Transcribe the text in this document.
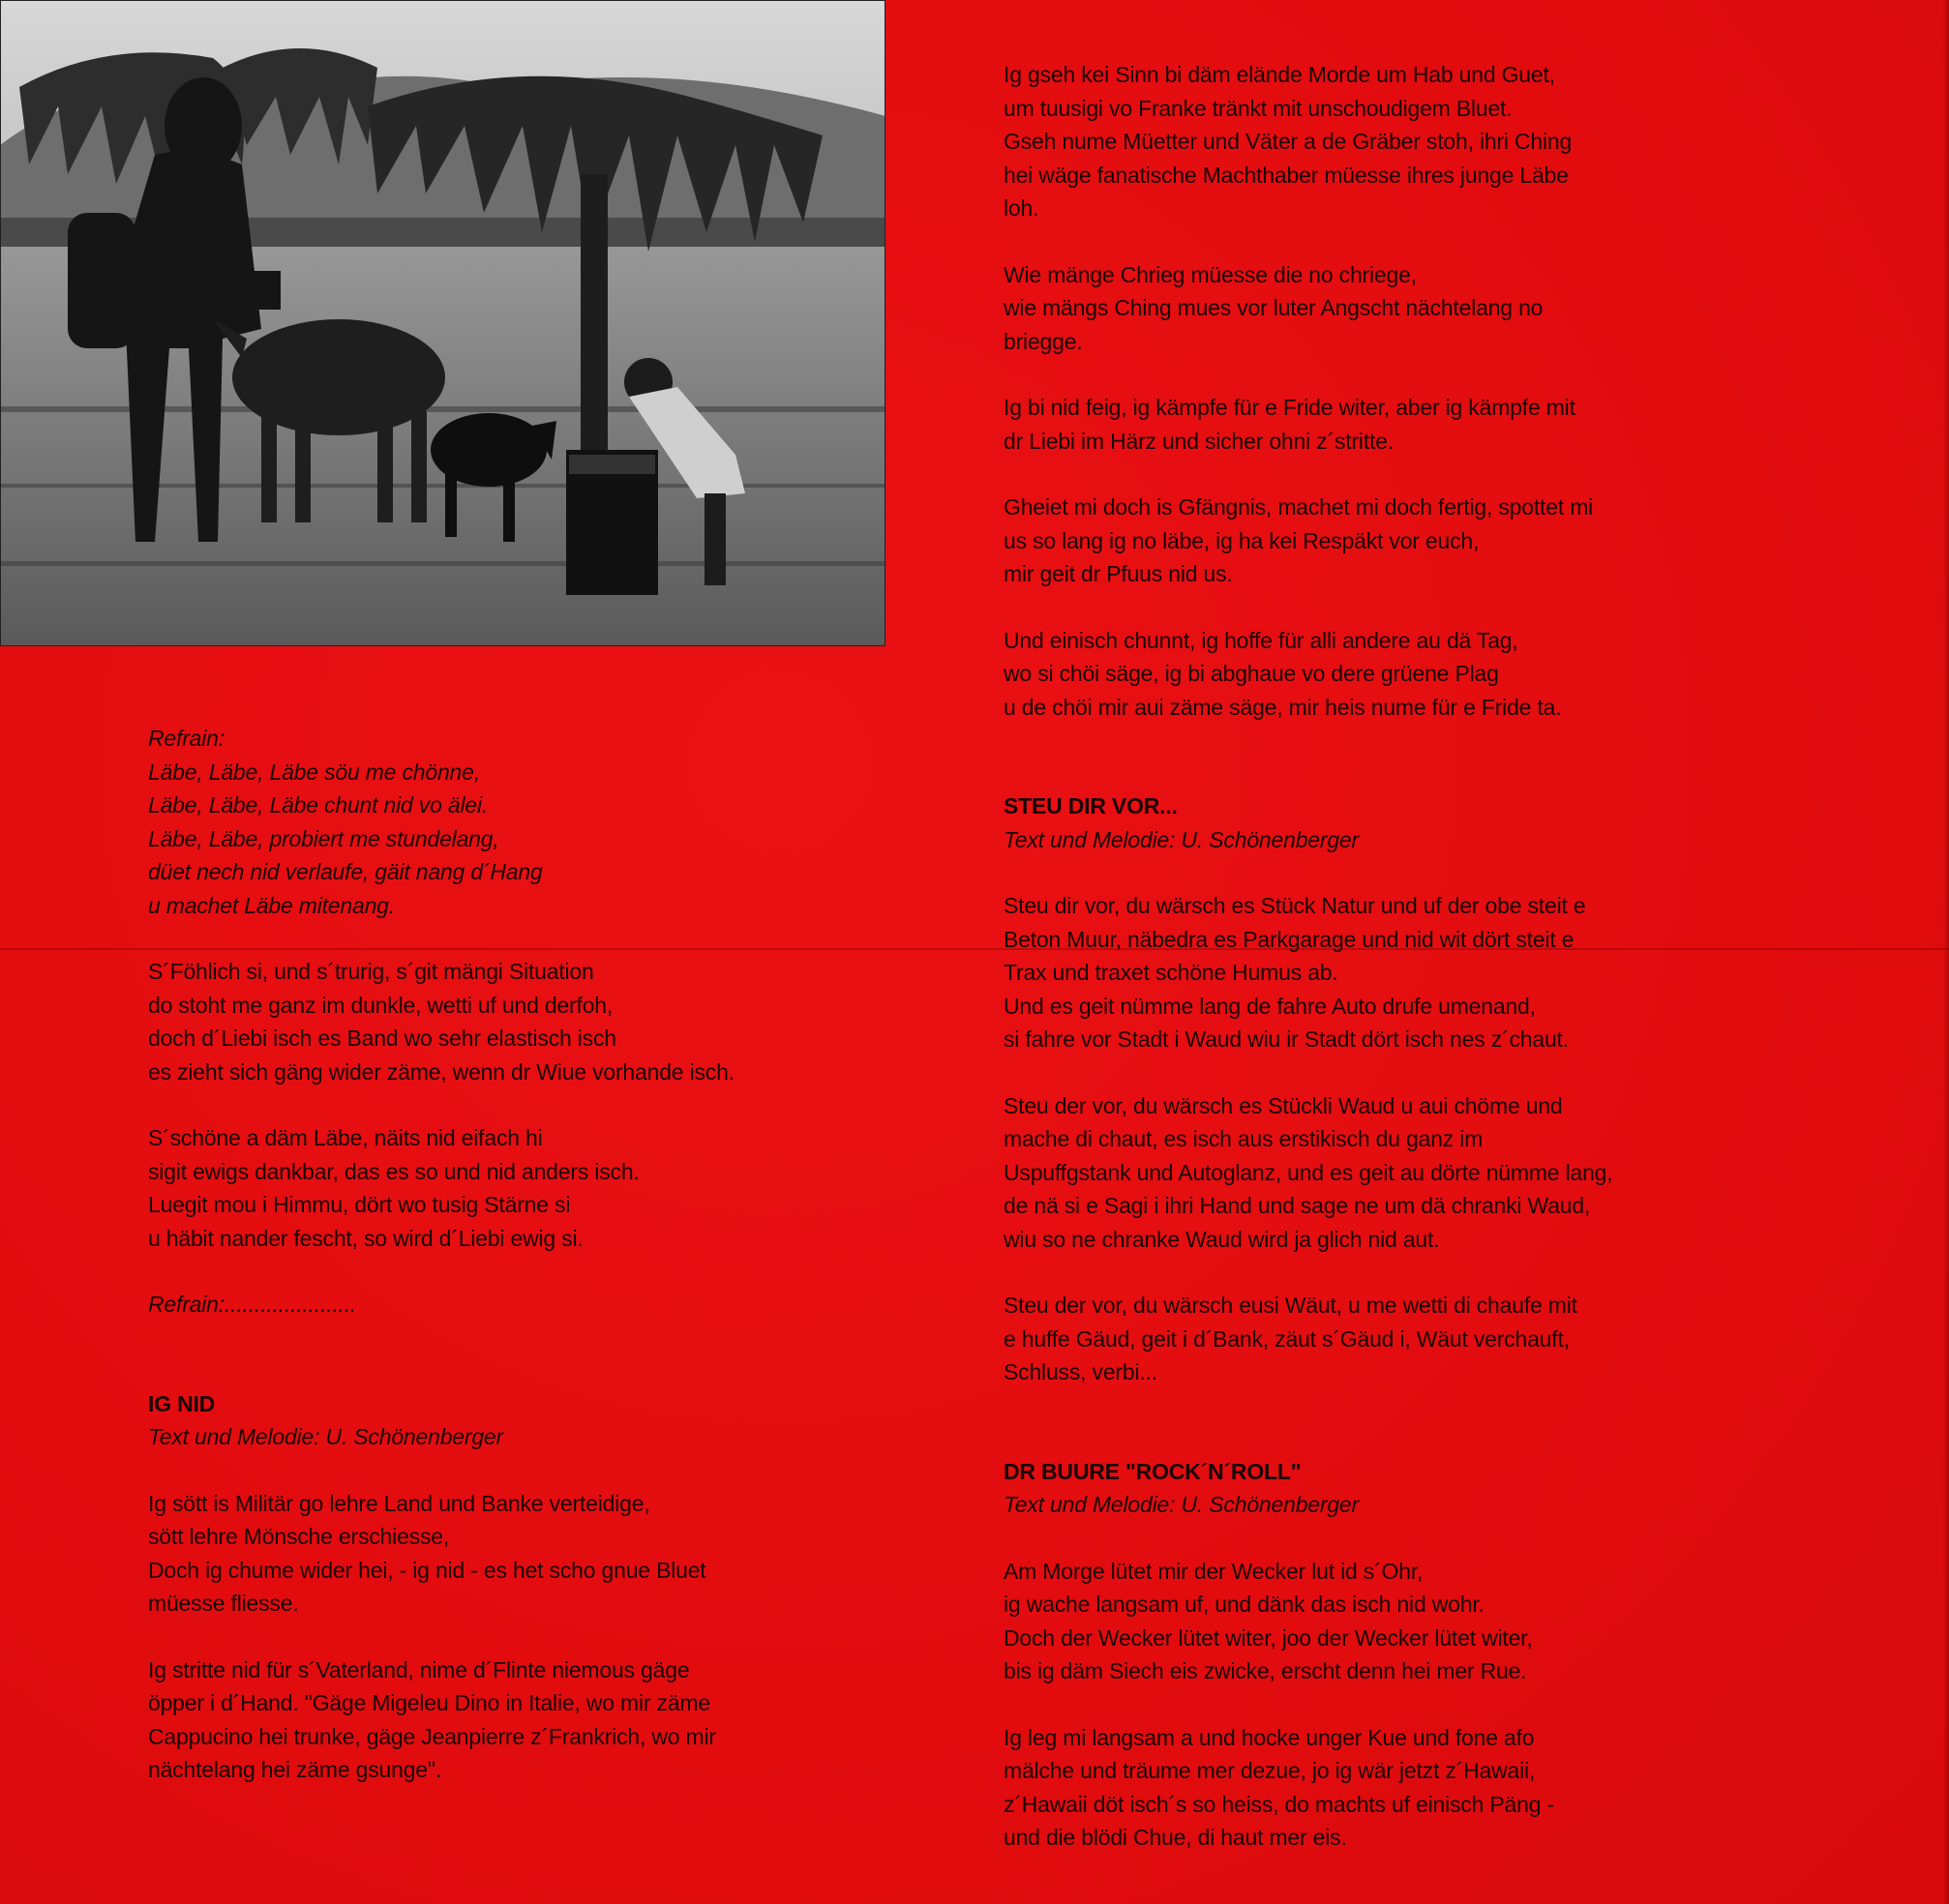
Refrain:
Läbe, Läbe, Läbe söu me chönne,
Läbe, Läbe, Läbe chunt nid vo älei.
Läbe, Läbe, probiert me stundelang,
düet nech nid verlaufe, gäit nang d´Hang
u machet Läbe mitenang.
S´Föhlich si, und s´trurig, s´git mängi Situation
do stoht me ganz im dunkle, wetti uf und derfoh,
doch d´Liebi isch es Band wo sehr elastisch isch
es zieht sich gäng wider zäme, wenn dr Wiue vorhande isch.
S´schöne a däm Läbe, näits nid eifach hi
sigit ewigs dankbar, das es so und nid anders isch.
Luegit mou i Himmu, dört wo tusig Stärne si
u häbit nander fescht, so wird d´Liebi ewig si.
Refrain:......................
IG NID
Text und Melodie: U. Schönenberger
Ig sött is Militär go lehre Land und Banke verteidige,
sött lehre Mönsche erschiesse,
Doch ig chume wider hei, - ig nid - es het scho gnue Bluet
müesse fliesse.
Ig stritte nid für s´Vaterland, nime d´Flinte niemous gäge
öpper i d´Hand. "Gäge Migeleu Dino in Italie, wo mir zäme
Cappucino hei trunke, gäge Jeanpierre z´Frankrich, wo mir
nächtelang hei zäme gsunge".
Ig gseh kei Sinn bi däm elände Morde um Hab und Guet,
um tuusigi vo Franke tränkt mit unschoudigem Bluet.
Gseh nume Müetter und Väter a de Gräber stoh, ihri Ching
hei wäge fanatische Machthaber müesse ihres junge Läbe
loh.
Wie mänge Chrieg müesse die no chriege,
wie mängs Ching mues vor luter Angscht nächtelang no
briegge.
Ig bi nid feig, ig kämpfe für e Fride witer, aber ig kämpfe mit
dr Liebi im Härz und sicher ohni z´stritte.
Gheiet mi doch is Gfängnis, machet mi doch fertig, spottet mi
us so lang ig no läbe, ig ha kei Respäkt vor euch,
mir geit dr Pfuus nid us.
Und einisch chunnt, ig hoffe für alli andere au dä Tag,
wo si chöi säge, ig bi abghaue vo dere grüene Plag
u de chöi mir aui zäme säge, mir heis nume für e Fride ta.
STEU DIR VOR...
Text und Melodie: U. Schönenberger
Steu dir vor, du wärsch es Stück Natur und uf der obe steit e
Beton Muur, näbedra es Parkgarage und nid wit dört steit e
Trax und traxet schöne Humus ab.
Und es geit nümme lang de fahre Auto drufe umenand,
si fahre vor Stadt i Waud wiu ir Stadt dört isch nes z´chaut.
Steu der vor, du wärsch es Stückli Waud u aui chöme und
mache di chaut, es isch aus erstikisch du ganz im
Uspuffgstank und Autoglanz, und es geit au dörte nümme lang,
de nä si e Sagi i ihri Hand und sage ne um dä chranki Waud,
wiu so ne chranke Waud wird ja glich nid aut.
Steu der vor, du wärsch eusi Wäut, u me wetti di chaufe mit
e huffe Gäud, geit i d´Bank, zäut s´Gäud i, Wäut verchauft,
Schluss, verbi...
DR BUURE "ROCK´N´ROLL"
Text und Melodie: U. Schönenberger
Am Morge lütet mir der Wecker lut id s´Ohr,
ig wache langsam uf, und dänk das isch nid wohr.
Doch der Wecker lütet witer, joo der Wecker lütet witer,
bis ig däm Siech eis zwicke, erscht denn hei mer Rue.
Ig leg mi langsam a und hocke unger Kue und fone afo
mälche und träume mer dezue, jo ig wär jetzt z´Hawaii,
z´Hawaii döt isch´s so heiss, do machts uf einisch Päng -
und die blödi Chue, di haut mer eis.
